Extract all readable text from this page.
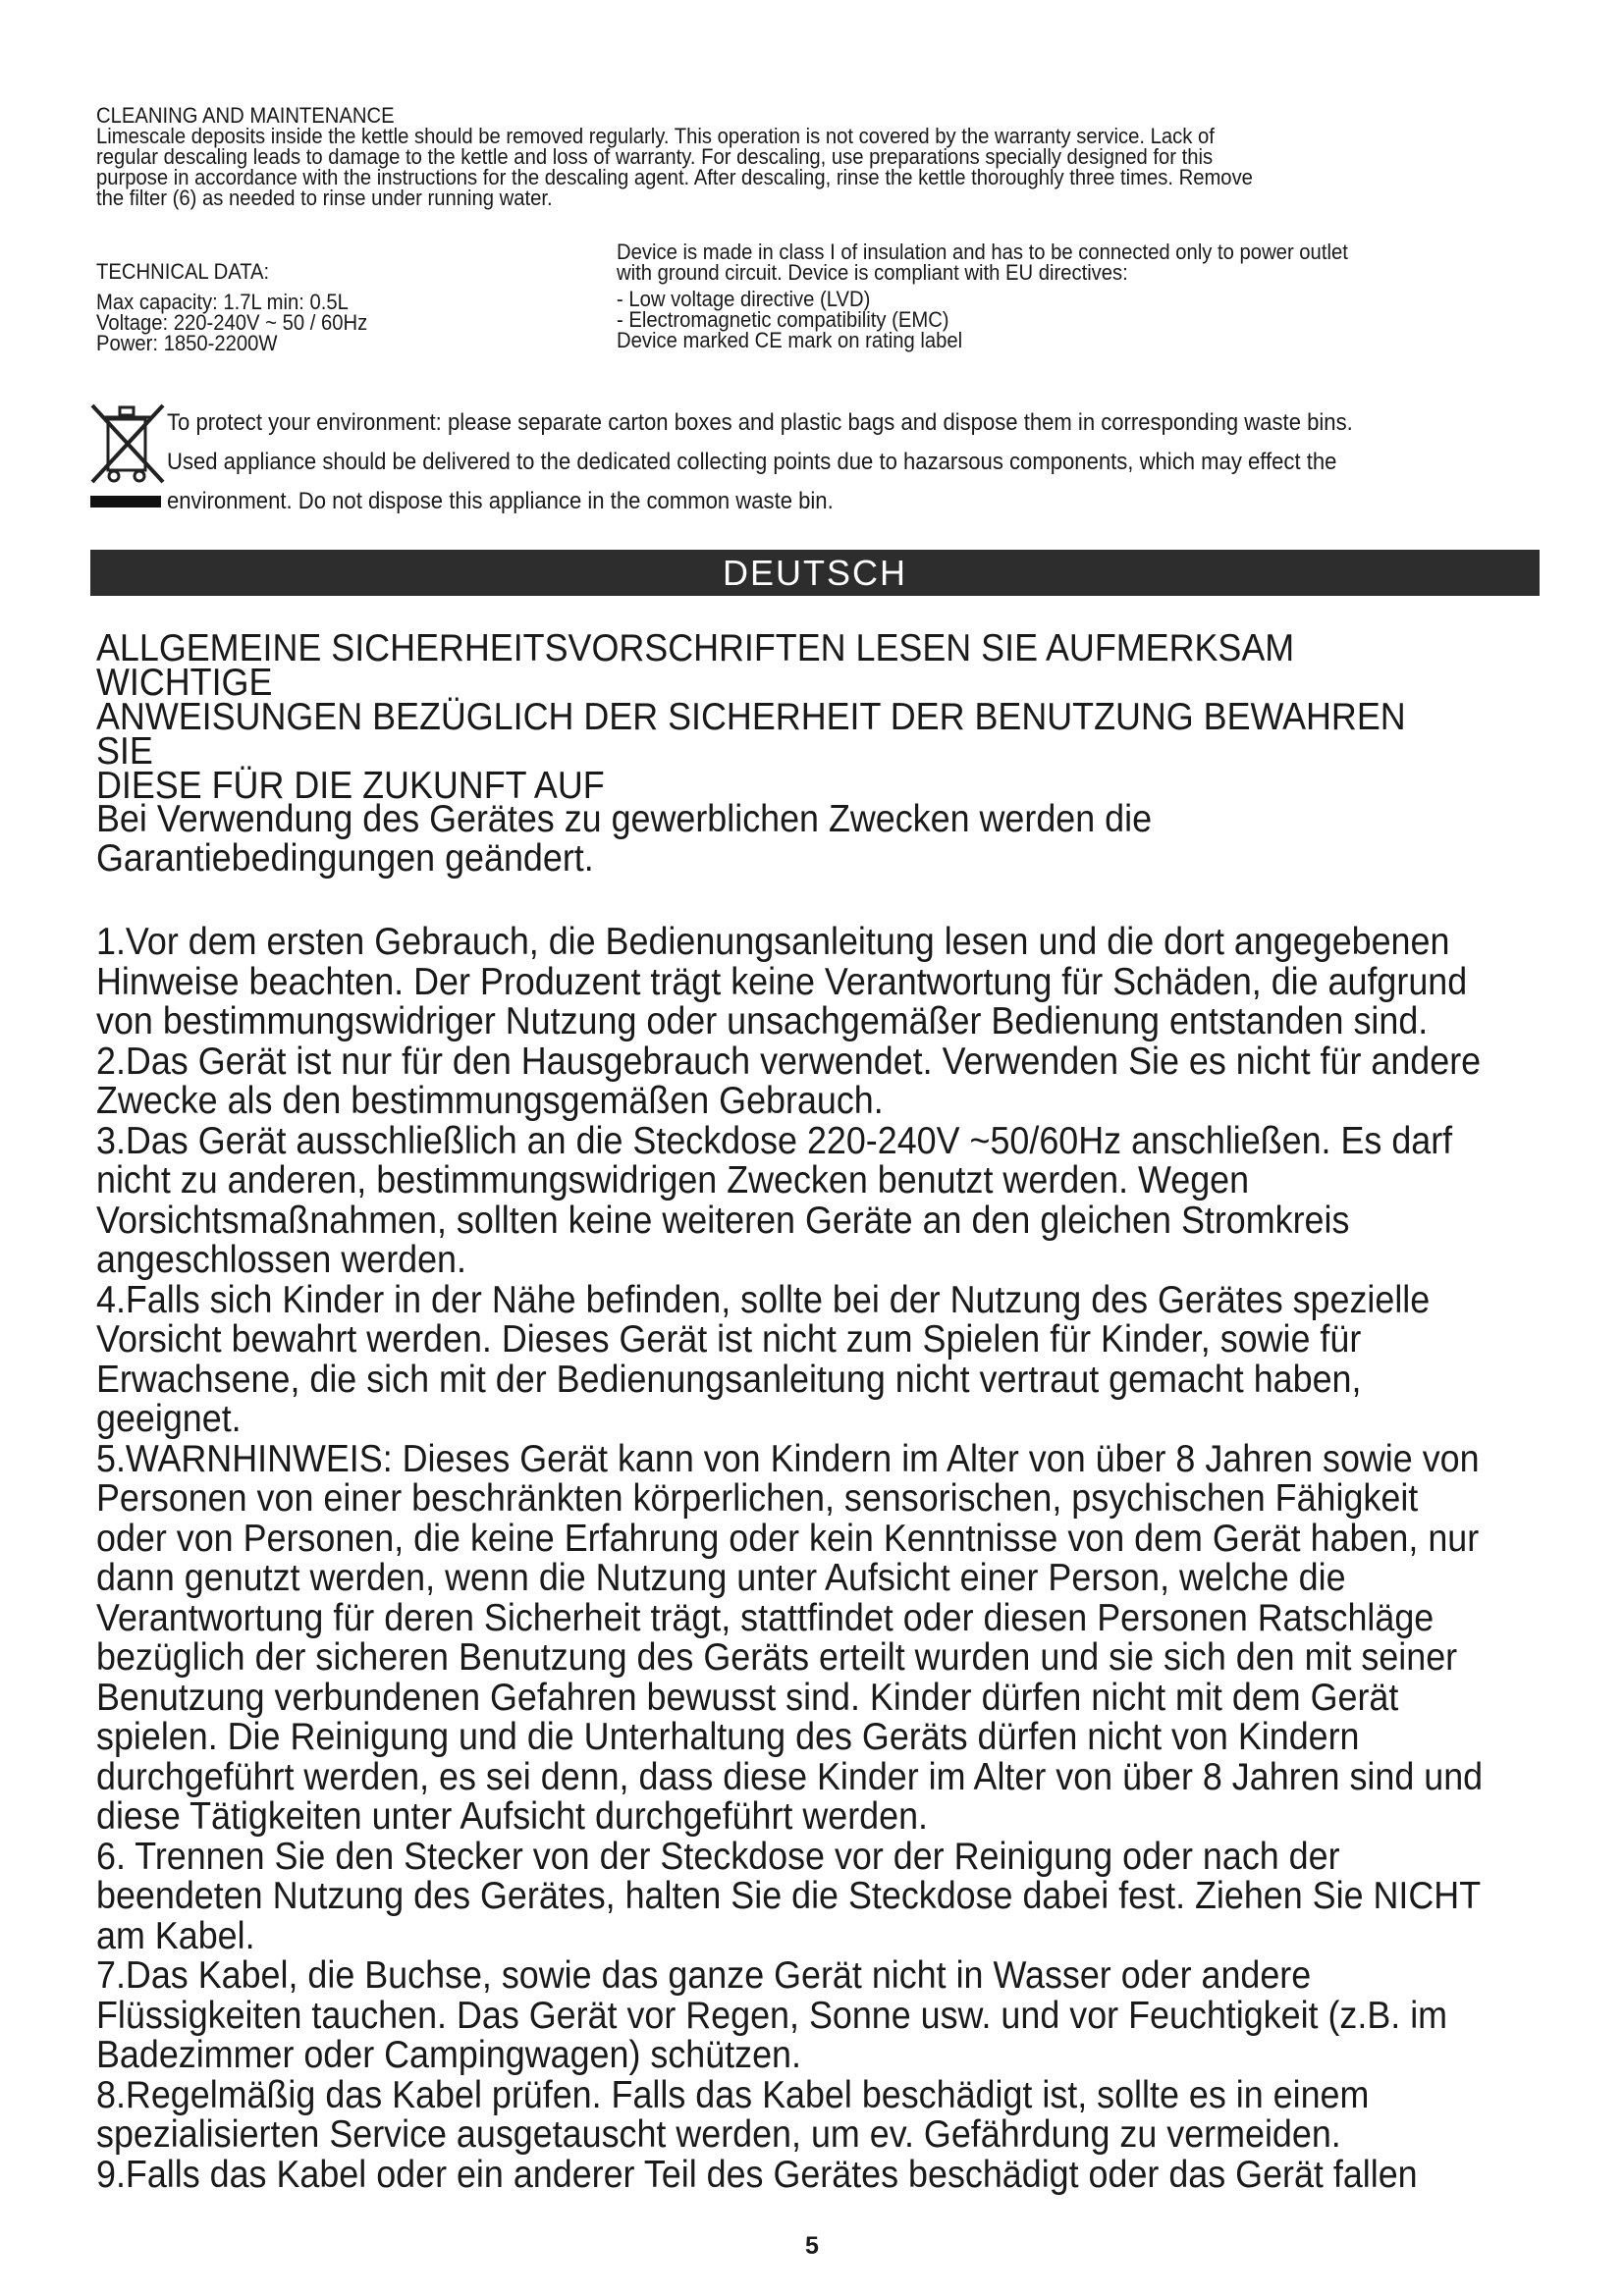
CLEANING AND MAINTENANCE

Limescale deposits inside the kettle should be removed regularly. This operation is not covered by the warranty service. Lack of

regular descaling leads to damage to the kettle and loss of warranty. For descaling, use preparations specially designed for this

purpose in accordance with the instructions for the descaling agent. After descaling, rinse the kettle thoroughly three times. Remove

the filter (6) as needed to rinse under running water.

TECHNICAL DATA:

Max capacity: 1.7L min: 0.5L

Voltage: 220-240V ~ 50 / 60Hz

Power: 1850-2200W

Device is made in class I of insulation and has to be connected only to power outlet

with ground circuit. Device is compliant with EU directives:

- Low voltage directive (LVD)

- Electromagnetic compatibility (EMC)

Device marked CE mark on rating label

To protect your environment: please separate carton boxes and plastic bags and dispose them in corresponding waste bins.

Used appliance should be delivered to the dedicated collecting points due to hazarsous components, which may effect the

environment. Do not dispose this appliance in the common waste bin.

DEUTSCH

ALLGEMEINE SICHERHEITSVORSCHRIFTEN LESEN SIE AUFMERKSAM WICHTIGE

ANWEISUNGEN BEZÜGLICH DER SICHERHEIT DER BENUTZUNG BEWAHREN SIE

DIESE FÜR DIE ZUKUNFT AUF

Bei Verwendung des Gerätes zu gewerblichen Zwecken werden die

Garantiebedingungen geändert.

1.Vor dem ersten Gebrauch, die Bedienungsanleitung lesen und die dort angegebenen

Hinweise beachten. Der Produzent trägt keine Verantwortung für Schäden, die aufgrund

von bestimmungswidriger Nutzung oder unsachgemäßer Bedienung entstanden sind.

2.Das Gerät ist nur für den Hausgebrauch verwendet. Verwenden Sie es nicht für andere

Zwecke als den bestimmungsgemäßen Gebrauch.

3.Das Gerät ausschließlich an die Steckdose 220-240V ~50/60Hz anschließen. Es darf

nicht zu anderen, bestimmungswidrigen Zwecken benutzt werden. Wegen

Vorsichtsmaßnahmen, sollten keine weiteren Geräte an den gleichen Stromkreis

angeschlossen werden.

4.Falls sich Kinder in der Nähe befinden, sollte bei der Nutzung des Gerätes spezielle

Vorsicht bewahrt werden. Dieses Gerät ist nicht zum Spielen für Kinder, sowie für

Erwachsene, die sich mit der Bedienungsanleitung nicht vertraut gemacht haben,

geeignet.

5.WARNHINWEIS: Dieses Gerät kann von Kindern im Alter von über 8 Jahren sowie von

Personen von einer beschränkten körperlichen, sensorischen, psychischen Fähigkeit

oder von Personen, die keine Erfahrung oder kein Kenntnisse von dem Gerät haben, nur

dann genutzt werden, wenn die Nutzung unter Aufsicht einer Person, welche die

Verantwortung für deren Sicherheit trägt, stattfindet oder diesen Personen Ratschläge

bezüglich der sicheren Benutzung des Geräts erteilt wurden und sie sich den mit seiner

Benutzung verbundenen Gefahren bewusst sind. Kinder dürfen nicht mit dem Gerät

spielen. Die Reinigung und die Unterhaltung des Geräts dürfen nicht von Kindern

durchgeführt werden, es sei denn, dass diese Kinder im Alter von über 8 Jahren sind und

diese Tätigkeiten unter Aufsicht durchgeführt werden.

6. Trennen Sie den Stecker von der Steckdose vor der Reinigung oder nach der

beendeten Nutzung des Gerätes, halten Sie die Steckdose dabei fest. Ziehen Sie NICHT

am Kabel.

7.Das Kabel, die Buchse, sowie das ganze Gerät nicht in Wasser oder andere

Flüssigkeiten tauchen. Das Gerät vor Regen, Sonne usw. und vor Feuchtigkeit (z.B. im

Badezimmer oder Campingwagen) schützen.

8.Regelmäßig das Kabel prüfen. Falls das Kabel beschädigt ist, sollte es in einem

spezialisierten Service ausgetauscht werden, um ev. Gefährdung zu vermeiden.

9.Falls das Kabel oder ein anderer Teil des Gerätes beschädigt oder das Gerät fallen

5
